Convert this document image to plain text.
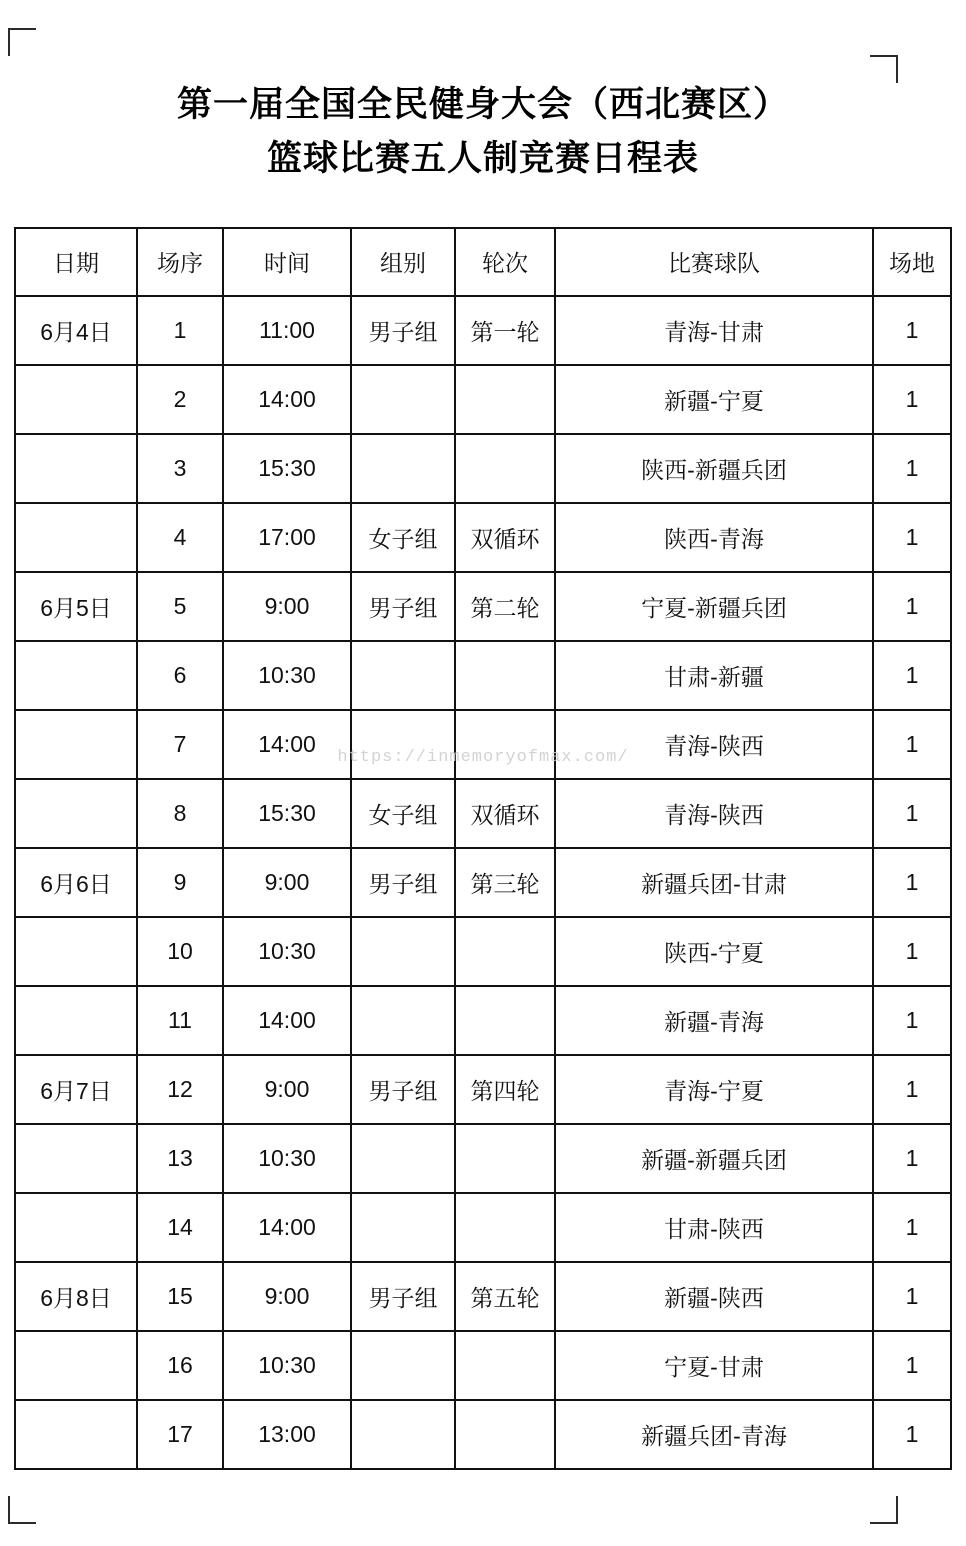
第一届全国全民健身大会（西北赛区）
篮球比赛五人制竞赛日程表
日期	场序	时间	组别	轮次	比赛球队	场地
6月4日	1	11:00	男子组	第一轮	青海-甘肃	1
	2	14:00			新疆-宁夏	1
	3	15:30			陕西-新疆兵团	1
	4	17:00	女子组	双循环	陕西-青海	1
6月5日	5	9:00	男子组	第二轮	宁夏-新疆兵团	1
	6	10:30			甘肃-新疆	1
	7	14:00			青海-陕西	1
	8	15:30	女子组	双循环	青海-陕西	1
6月6日	9	9:00	男子组	第三轮	新疆兵团-甘肃	1
	10	10:30			陕西-宁夏	1
	11	14:00			新疆-青海	1
6月7日	12	9:00	男子组	第四轮	青海-宁夏	1
	13	10:30			新疆-新疆兵团	1
	14	14:00			甘肃-陕西	1
6月8日	15	9:00	男子组	第五轮	新疆-陕西	1
	16	10:30			宁夏-甘肃	1
	17	13:00			新疆兵团-青海	1
https://inmemoryofmax.com/
